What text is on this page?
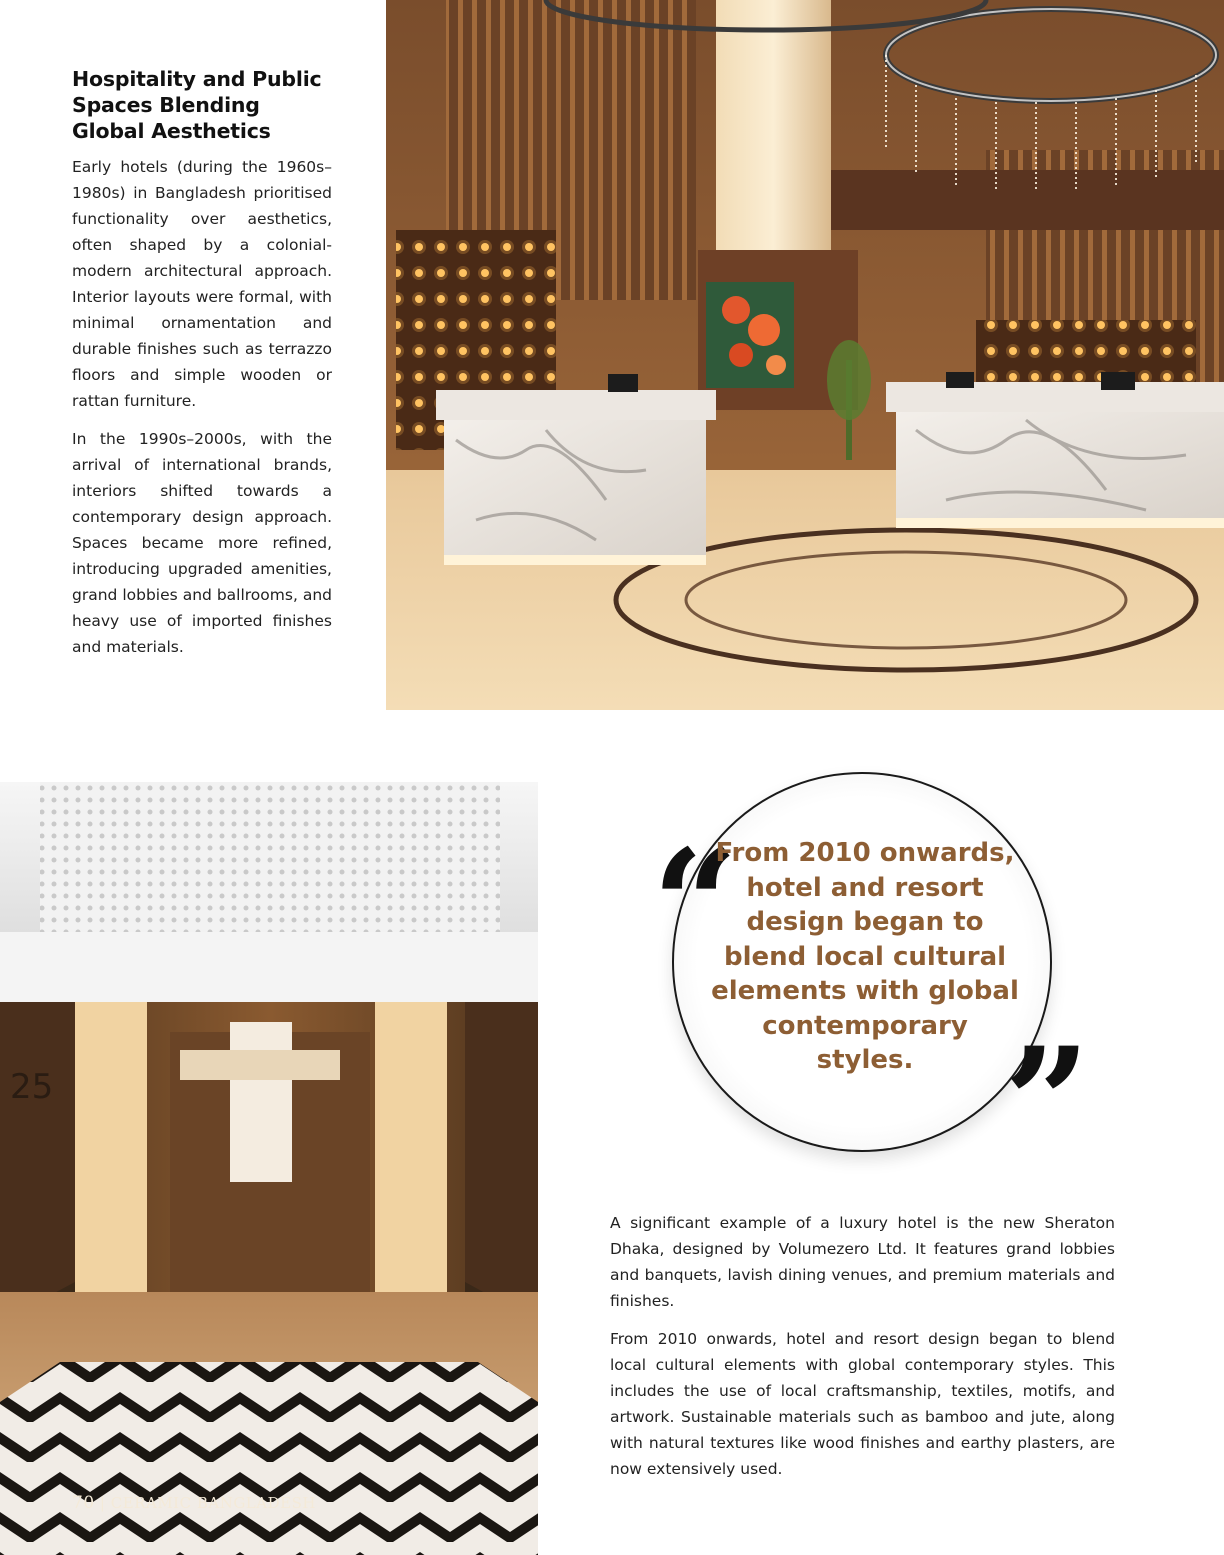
Hospitality and Public Spaces Blending Global Aesthetics

Early hotels (during the 1960s–1980s) in Bangladesh prioritised functionality over aesthetics, often shaped by a colonial-modern architectural approach. Interior layouts were formal, with minimal ornamentation and durable finishes such as terrazzo floors and simple wooden or rattan furniture.

In the 1990s–2000s, with the arrival of international brands, interiors shifted towards a contemporary design approach. Spaces became more refined, introducing upgraded amenities, grand lobbies and ballrooms, and heavy use of imported finishes and materials.

25
70 | CERAMIC BANGLADESH
“

From 2010 onwards, hotel and resort design began to blend local cultural elements with global contemporary styles. ”

A significant example of a luxury hotel is the new Sheraton Dhaka, designed by Volumezero Ltd. It features grand lobbies and banquets, lavish dining venues, and premium materials and finishes.

From 2010 onwards, hotel and resort design began to blend local cultural elements with global contemporary styles. This includes the use of local craftsmanship, textiles, motifs, and artwork. Sustainable materials such as bamboo and jute, along with natural textures like wood finishes and earthy plasters, are now extensively used.
